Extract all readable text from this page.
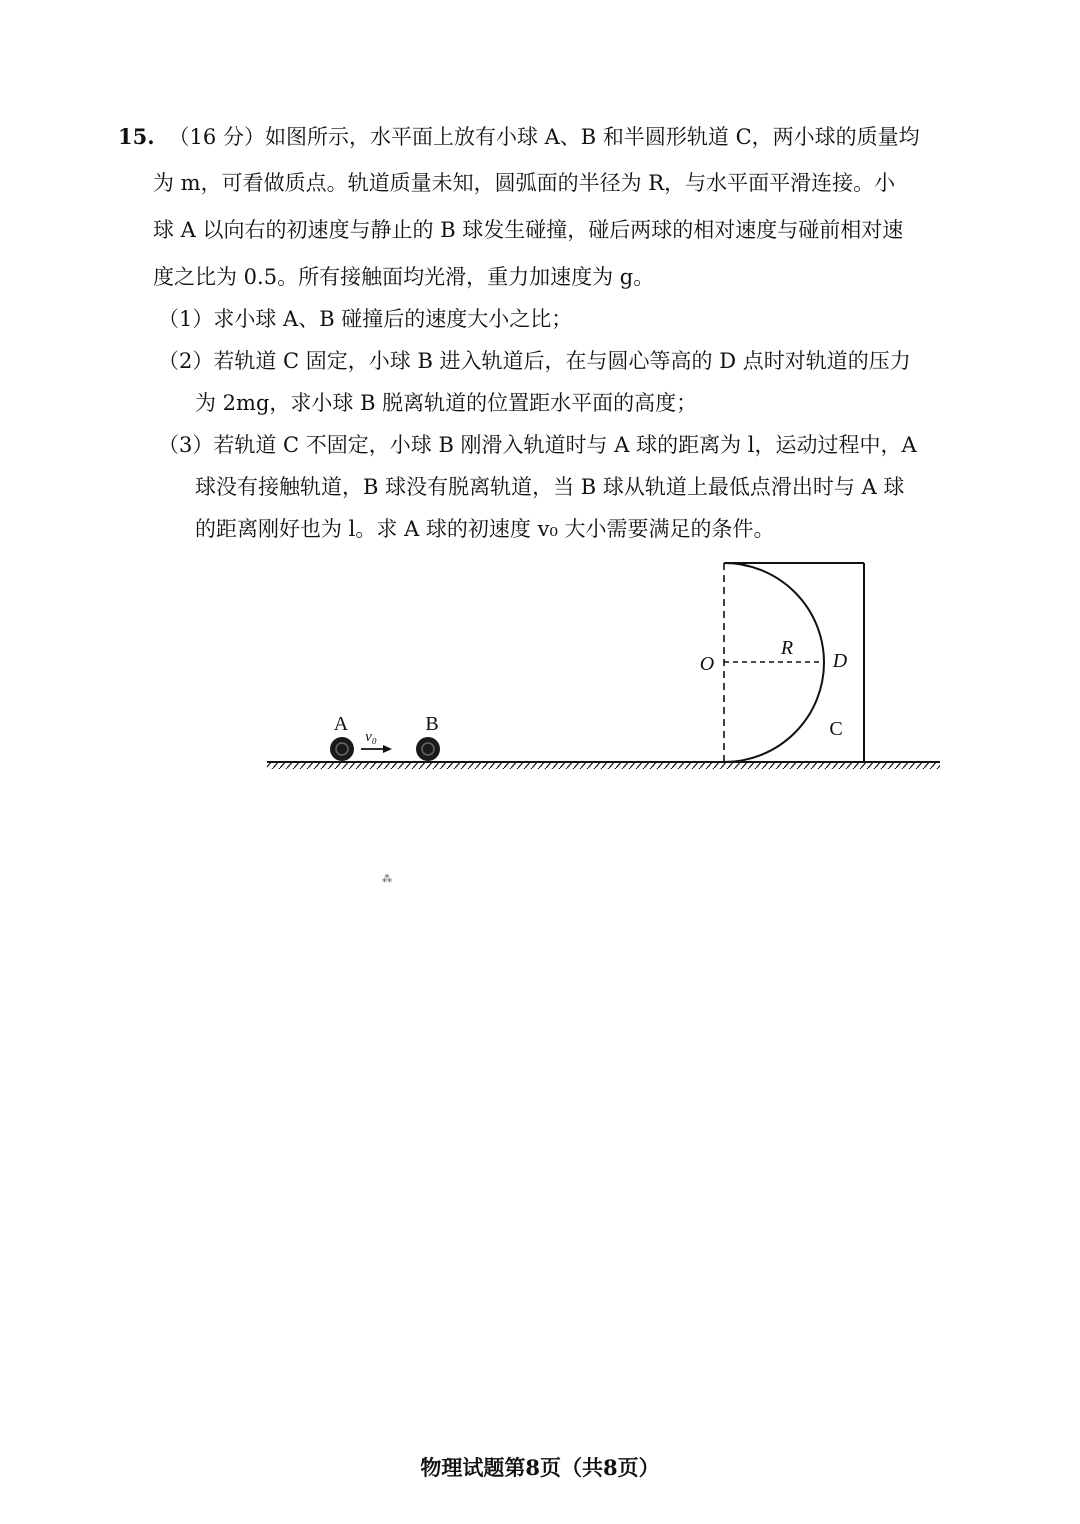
15. （16 分）如图所示，水平面上放有小球 A、B 和半圆形轨道 C，两小球的质量均
为 m，可看做质点。轨道质量未知，圆弧面的半径为 R，与水平面平滑连接。小
球 A 以向右的初速度与静止的 B 球发生碰撞，碰后两球的相对速度与碰前相对速
度之比为 0.5。所有接触面均光滑，重力加速度为 g。
（1）求小球 A、B 碰撞后的速度大小之比；
（2）若轨道 C 固定，小球 B 进入轨道后，在与圆心等高的 D 点时对轨道的压力
为 2mg，求小球 B 脱离轨道的位置距水平面的高度；
（3）若轨道 C 不固定，小球 B 刚滑入轨道时与 A 球的距离为 l，运动过程中，A
球没有接触轨道，B 球没有脱离轨道，当 B 球从轨道上最低点滑出时与 A 球
的距离刚好也为 l。求 A 球的初速度 v₀ 大小需要满足的条件。
A
v₀
B
O
R
D
C
⁂
物理试题第8页（共8页）
